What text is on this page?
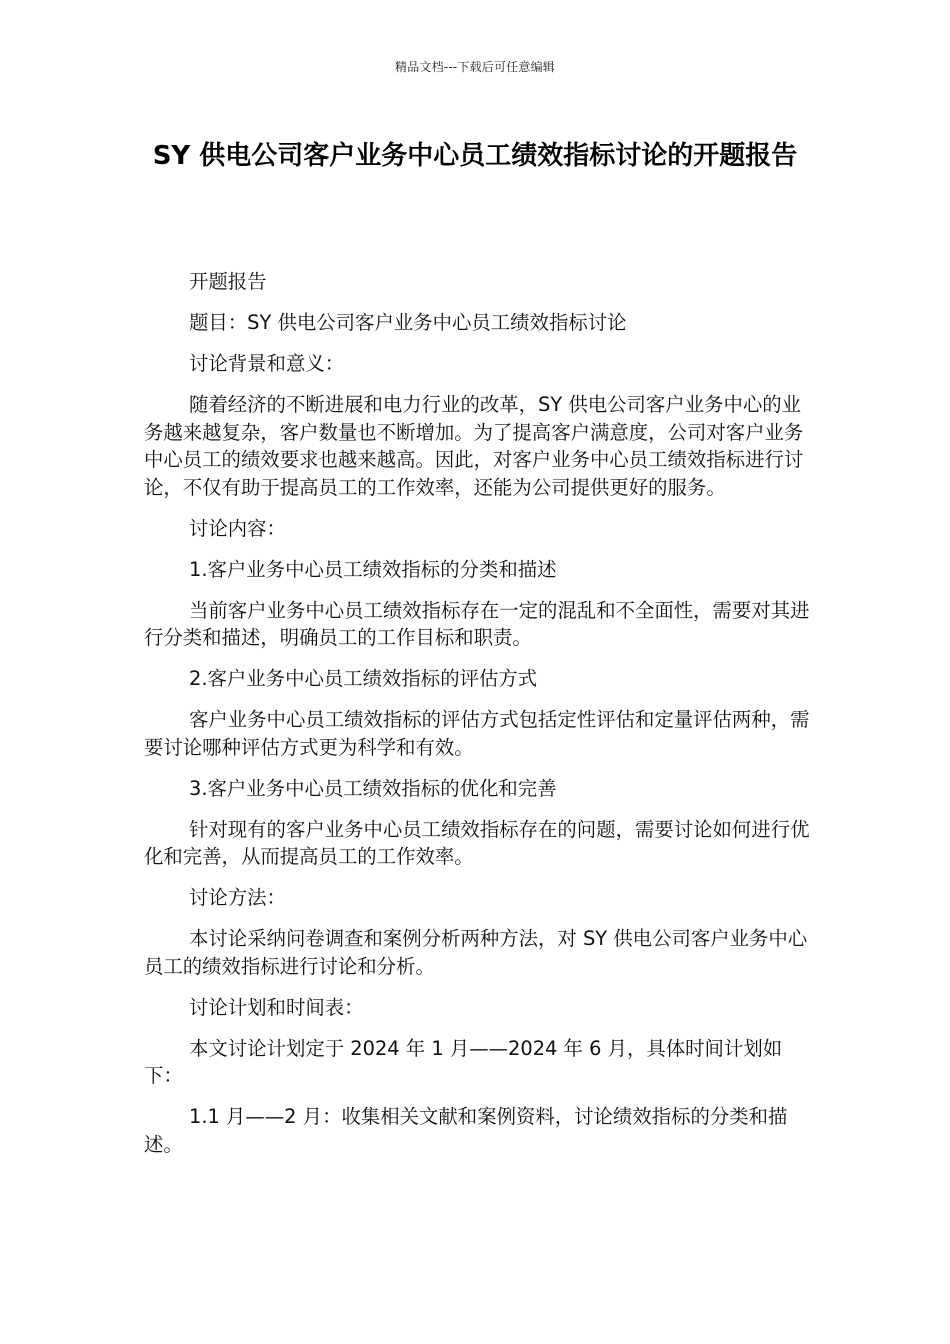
精品文档---下载后可任意编辑
SY 供电公司客户业务中心员工绩效指标讨论的开题报告

开题报告

题目：SY 供电公司客户业务中心员工绩效指标讨论

讨论背景和意义：

随着经济的不断进展和电力行业的改革，SY 供电公司客户业务中心的业务越来越复杂，客户数量也不断增加。为了提高客户满意度，公司对客户业务中心员工的绩效要求也越来越高。因此，对客户业务中心员工绩效指标进行讨论，不仅有助于提高员工的工作效率，还能为公司提供更好的服务。

讨论内容：

1.客户业务中心员工绩效指标的分类和描述

当前客户业务中心员工绩效指标存在一定的混乱和不全面性，需要对其进行分类和描述，明确员工的工作目标和职责。

2.客户业务中心员工绩效指标的评估方式

客户业务中心员工绩效指标的评估方式包括定性评估和定量评估两种，需要讨论哪种评估方式更为科学和有效。

3.客户业务中心员工绩效指标的优化和完善

针对现有的客户业务中心员工绩效指标存在的问题，需要讨论如何进行优化和完善，从而提高员工的工作效率。

讨论方法：

本讨论采纳问卷调查和案例分析两种方法，对 SY 供电公司客户业务中心员工的绩效指标进行讨论和分析。

讨论计划和时间表：

本文讨论计划定于 2024 年 1 月——2024 年 6 月，具体时间计划如下：

1.1 月——2 月：收集相关文献和案例资料，讨论绩效指标的分类和描述。
